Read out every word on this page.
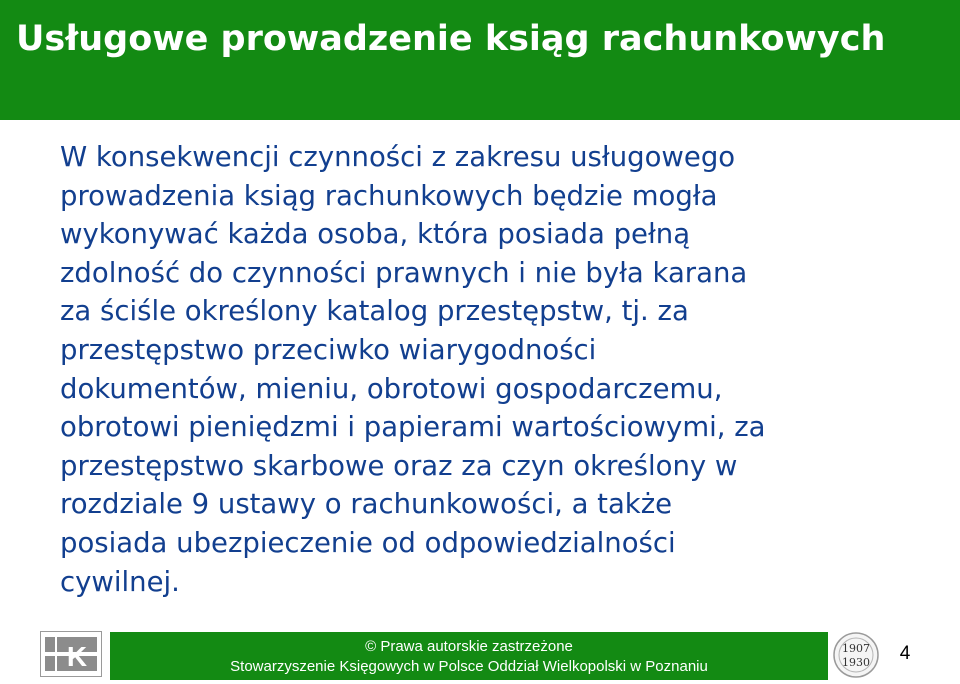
Usługowe prowadzenie ksiąg rachunkowych
W konsekwencji czynności z zakresu usługowego
prowadzenia ksiąg rachunkowych będzie mogła
wykonywać każda osoba, która posiada pełną
zdolność do czynności prawnych i nie była karana
za ściśle określony katalog przestępstw, tj. za
przestępstwo przeciwko wiarygodności
dokumentów, mieniu, obrotowi gospodarczemu,
obrotowi pieniędzmi i papierami wartościowymi, za
przestępstwo skarbowe oraz za czyn określony w
rozdziale 9 ustawy o rachunkowości, a także
posiada ubezpieczenie od odpowiedzialności
cywilnej.
K	© Prawa autorskie zastrzeżone
Stowarzyszenie Księgowych w Polsce Oddział Wielkopolski w Poznaniu
1907
1930	4
